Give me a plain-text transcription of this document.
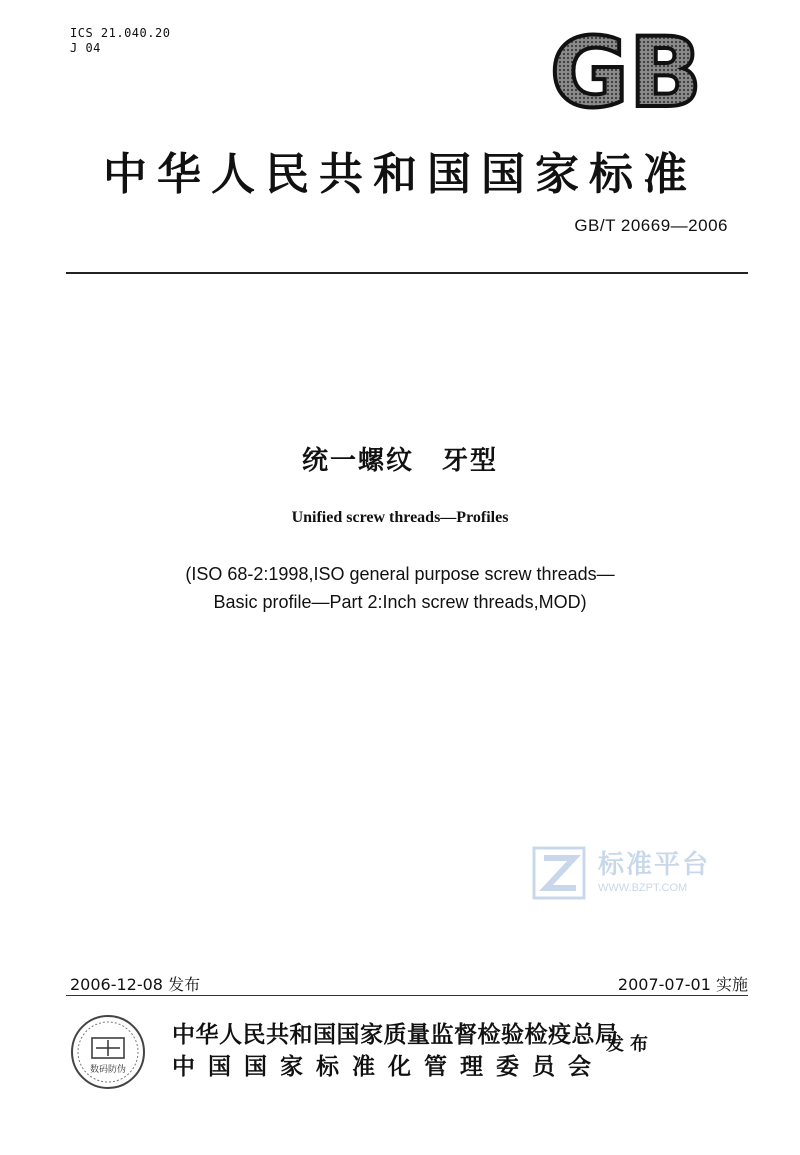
ICS 21.040.20
J 04	GB
中华人民共和国国家标准
GB/T 20669—2006
统一螺纹 牙型
Unified screw threads—Profiles
(ISO 68-2:1998,ISO general purpose screw threads—
Basic profile—Part 2:Inch screw threads,MOD)
标准平台
WWW.BZPT.COM
2006-12-08 发布	2007-07-01 实施
数码防伪
中华人民共和国国家质量监督检验检疫总局
中国国家标准化管理委员会
发布
